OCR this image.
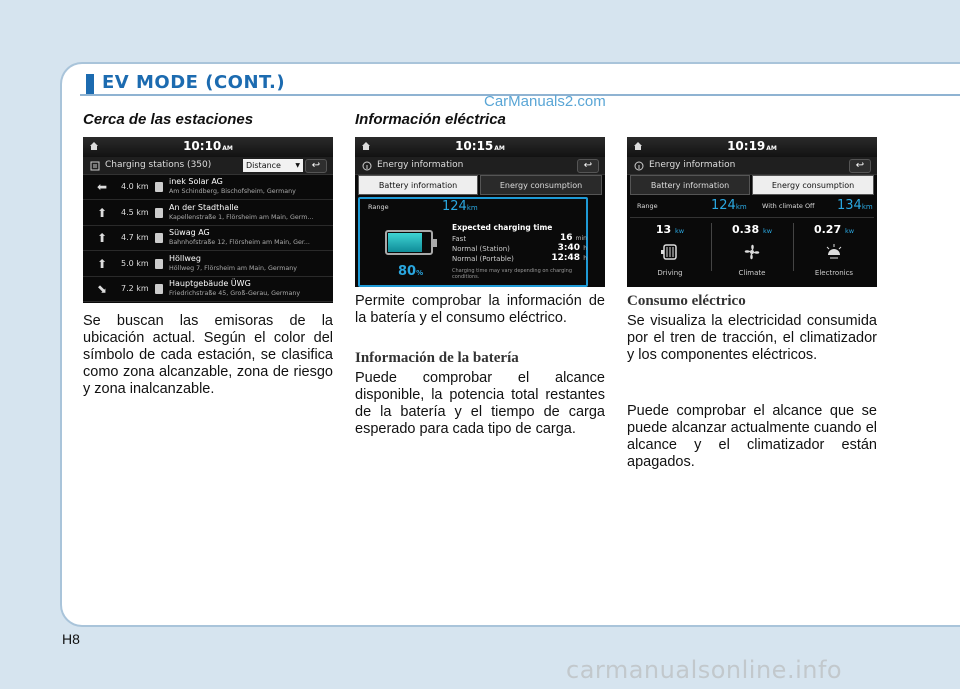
EV MODE (CONT.)
CarManuals2.com
Cerca de las estaciones
10:10AM
Charging stations (350)	↩
Distance ▼
⬅ 4.0 km
inek Solar AG
Am Schindberg, Bischofsheim, Germany
⬆ 4.5 km
An der Stadthalle
Kapellenstraße 1, Flörsheim am Main, Germ...
⬆ 4.7 km
Süwag AG
Bahnhofstraße 12, Flörsheim am Main, Ger...
⬆ 5.0 km
Höllweg
Höllweg 7, Flörsheim am Main, Germany
⬊ 7.2 km
Hauptgebäude ÜWG
Friedrichstraße 45, Groß-Gerau, Germany
Se buscan las emisoras de la ubicación actual. Según el color del símbolo de cada estación, se clasifica como zona alcanzable, zona de riesgo y zona inalcanzable.
Información eléctrica
10:15AM
Energy information	↩
Battery information	Energy consumption
Range	124km
80%
Expected charging time
Fast	16 min
Normal (Station)	3:40 h
Normal (Portable)	12:48 h
Charging time may vary depending on charging conditions.
Permite comprobar la información de la batería y el consumo eléctrico.
Información de la batería
Puede comprobar el alcance disponible, la potencia total restantes de la batería y el tiempo de carga esperado para cada tipo de carga.
10:19AM
Energy information	↩
Battery information	Energy consumption
Range	124km With climate Off 134km
13 kw
Driving
0.38 kw
Climate
0.27 kw
Electronics
Consumo eléctrico
Se visualiza la electricidad consumida por el tren de tracción, el climatizador y los componentes eléctricos.
Puede comprobar el alcance que se puede alcanzar actualmente cuando el alcance y el climatizador están apagados.
H8
carmanualsonline.info
